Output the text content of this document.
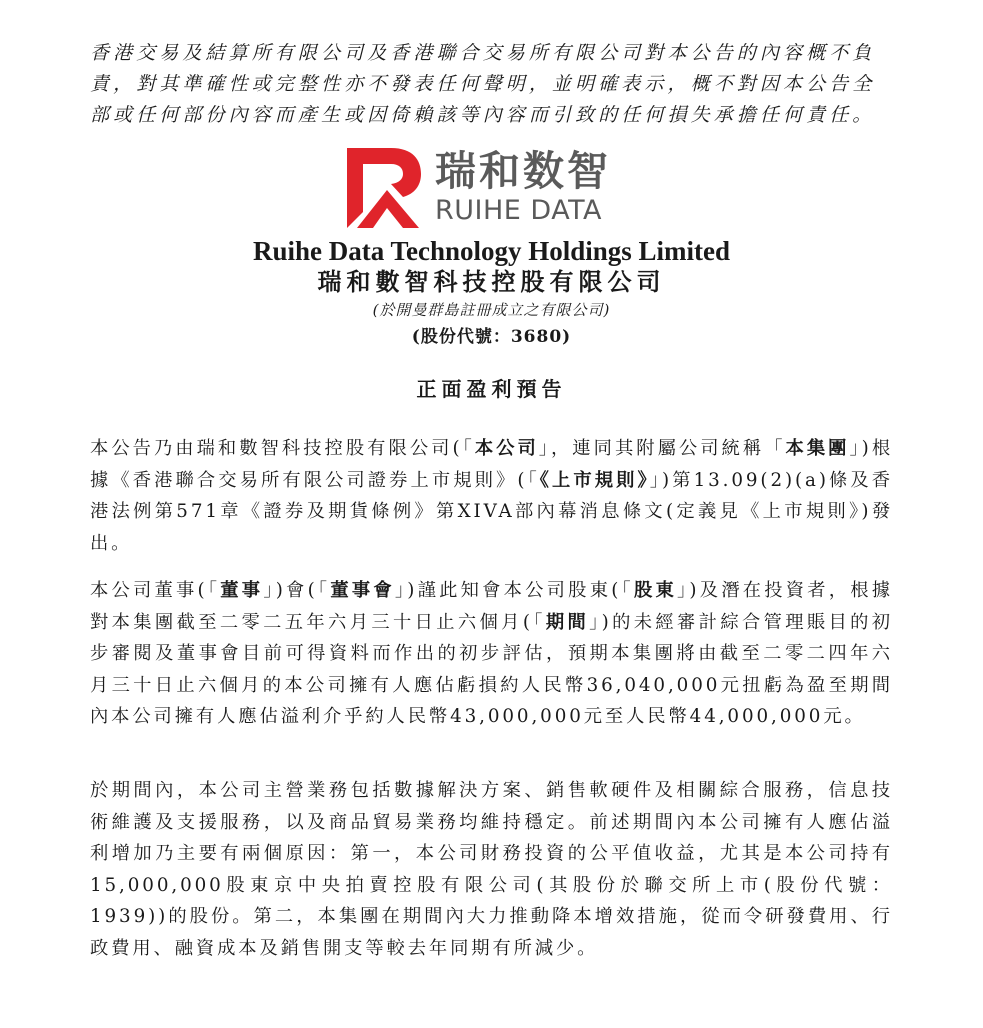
香港交易及結算所有限公司及香港聯合交易所有限公司對本公告的內容概不負責，對其準確性或完整性亦不發表任何聲明，並明確表示，概不對因本公告全部或任何部份內容而產生或因倚賴該等內容而引致的任何損失承擔任何責任。

瑞和数智
RUIHE DATA

Ruihe Data Technology Holdings Limited

瑞和數智科技控股有限公司

(於開曼群島註冊成立之有限公司)

(股份代號：3680)

正面盈利預告

本公告乃由瑞和數智科技控股有限公司(「本公司」，連同其附屬公司統稱「本集團」)根據《香港聯合交易所有限公司證券上市規則》(「《上市規則》」)第13.09(2)(a)條及香港法例第571章《證券及期貨條例》第XIVA部內幕消息條文(定義見《上市規則》)發出。

本公司董事(「董事」)會(「董事會」)謹此知會本公司股東(「股東」)及潛在投資者，根據對本集團截至二零二五年六月三十日止六個月(「期間」)的未經審計綜合管理賬目的初步審閱及董事會目前可得資料而作出的初步評估，預期本集團將由截至二零二四年六月三十日止六個月的本公司擁有人應佔虧損約人民幣36,040,000元扭虧為盈至期間內本公司擁有人應佔溢利介乎約人民幣43,000,000元至人民幣44,000,000元。

於期間內，本公司主營業務包括數據解決方案、銷售軟硬件及相關綜合服務，信息技術維護及支援服務，以及商品貿易業務均維持穩定。前述期間內本公司擁有人應佔溢利增加乃主要有兩個原因：第一，本公司財務投資的公平值收益，尤其是本公司持有15,000,000股東京中央拍賣控股有限公司(其股份於聯交所上市(股份代號：1939))的股份。第二，本集團在期間內大力推動降本增效措施，從而令研發費用、行政費用、融資成本及銷售開支等較去年同期有所減少。
